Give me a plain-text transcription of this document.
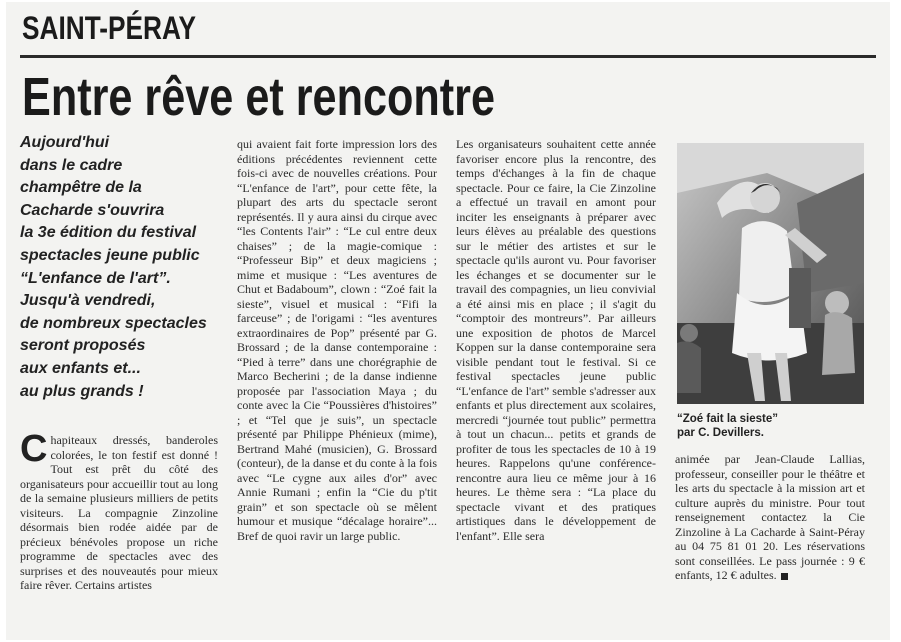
SAINT-PÉRAY
Entre rêve et rencontre
Aujourd'hui
dans le cadre
champêtre de la
Cacharde s'ouvrira
la 3e édition du festival
spectacles jeune public
“L'enfance de l'art”.
Jusqu'à vendredi,
de nombreux spectacles
seront proposés
aux enfants et...
au plus grands !
C hapiteaux dressés, banderoles colorées, le ton festif est donné ! Tout est prêt du côté des organisateurs pour accueillir tout au long de la semaine plusieurs milliers de petits visiteurs. La compagnie Zinzoline désormais bien rodée aidée par de précieux bénévoles propose un riche programme de spectacles avec des surprises et des nouveautés pour mieux faire rêver. Certains artistes

qui avaient fait forte impression lors des éditions précédentes reviennent cette fois-ci avec de nouvelles créations. Pour “L'enfance de l'art”, pour cette fête, la plupart des arts du spectacle seront représentés. Il y aura ainsi du cirque avec “les Contents l'air” : “Le cul entre deux chaises” ; de la magie-comique : “Professeur Bip” et deux magiciens ; mime et musique : “Les aventures de Chut et Badaboum”, clown : “Zoé fait la sieste”, visuel et musical : “Fifi la farceuse” ; de l'origami : “les aventures extraordinaires de Pop” présenté par G. Brossard ; de la danse contemporaine : “Pied à terre” dans une chorégraphie de Marco Becherini ; de la danse indienne proposée par l'association Maya ; du conte avec la Cie “Poussières d'histoires” ; et “Tel que je suis”, un spectacle présenté par Philippe Phénieux (mime), Bertrand Mahé (musicien), G. Brossard (conteur), de la danse et du conte à la fois avec “Le cygne aux ailes d'or” avec Annie Rumani ; enfin la “Cie du p'tit grain” et son spectacle où se mêlent humour et musique “décalage horaire”... Bref de quoi ravir un large public.

Les organisateurs souhaitent cette année favoriser encore plus la rencontre, des temps d'échanges à la fin de chaque spectacle. Pour ce faire, la Cie Zinzoline a effectué un travail en amont pour inciter les enseignants à préparer avec leurs élèves au préalable des questions sur le métier des artistes et sur le spectacle qu'ils auront vu. Pour favoriser les échanges et se documenter sur le travail des compagnies, un lieu convivial a été ainsi mis en place ; il s'agit du “comptoir des montreurs”. Par ailleurs une exposition de photos de Marcel Koppen sur la danse contemporaine sera visible pendant tout le festival. Si ce festival spectacles jeune public “L'enfance de l'art” semble s'adresser aux enfants et plus directement aux scolaires, mercredi “journée tout public” permettra à tout un chacun... petits et grands de profiter de tous les spectacles de 10 à 19 heures. Rappelons qu'une conférence-rencontre aura lieu ce même jour à 16 heures. Le thème sera : “La place du spectacle vivant et des pratiques artistiques dans le développement de l'enfant”. Elle sera

“Zoé fait la sieste”
par C. Devillers.

animée par Jean-Claude Lallias, professeur, conseiller pour le théâtre et les arts du spectacle à la mission art et culture auprès du ministre. Pour tout renseignement contactez la Cie Zinzoline à La Cacharde à Saint-Péray au 04 75 81 01 20. Les réservations sont conseillées. Le pass journée : 9 € enfants, 12 € adultes.
